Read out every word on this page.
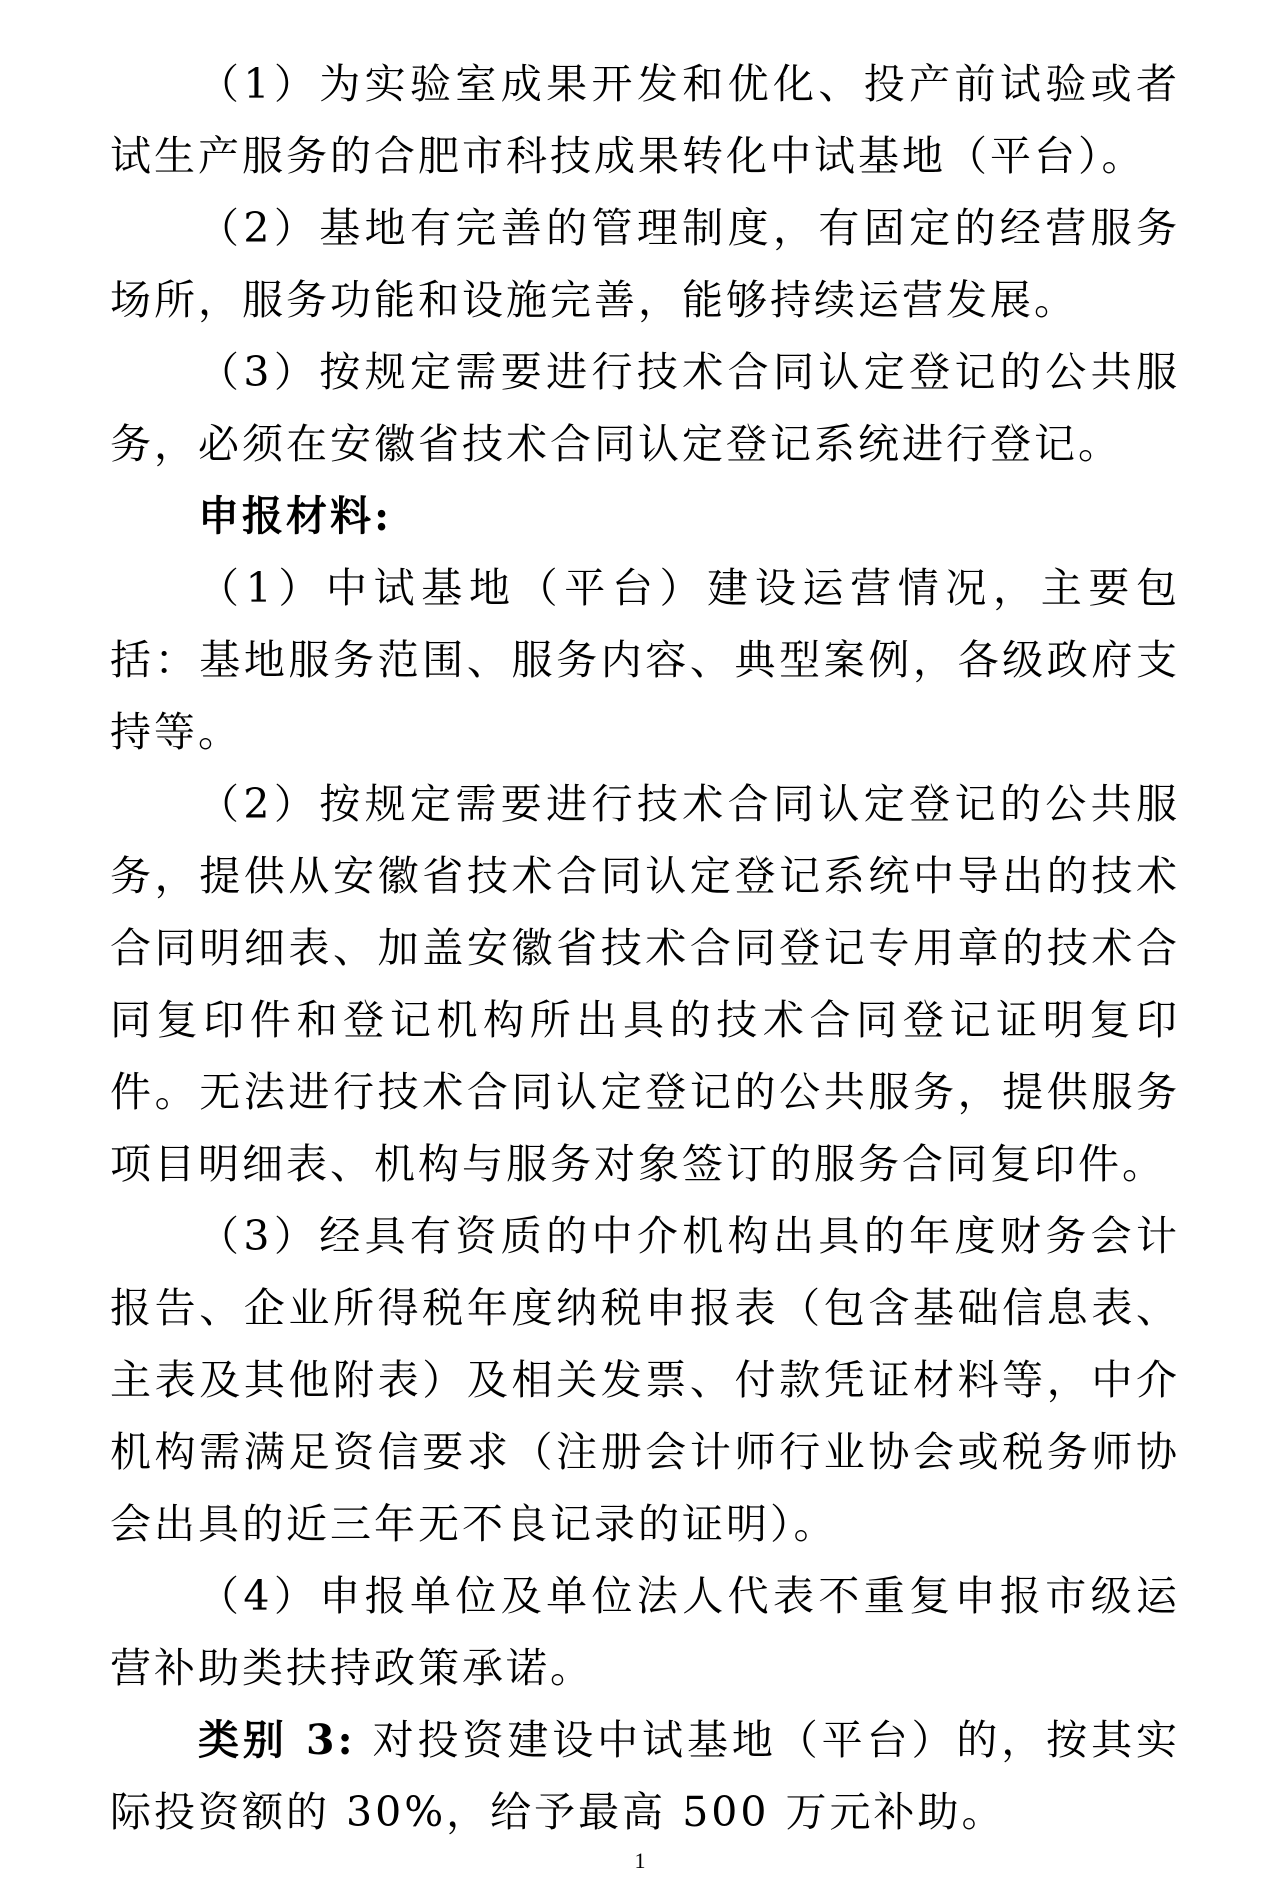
（1）为实验室成果开发和优化、投产前试验或者试生产服务的合肥市科技成果转化中试基地（平台）。

（2）基地有完善的管理制度，有固定的经营服务场所，服务功能和设施完善，能够持续运营发展。

（3）按规定需要进行技术合同认定登记的公共服务，必须在安徽省技术合同认定登记系统进行登记。

申报材料:

（1）中试基地（平台）建设运营情况，主要包括：基地服务范围、服务内容、典型案例，各级政府支持等。

（2）按规定需要进行技术合同认定登记的公共服务，提供从安徽省技术合同认定登记系统中导出的技术合同明细表、加盖安徽省技术合同登记专用章的技术合同复印件和登记机构所出具的技术合同登记证明复印件。无法进行技术合同认定登记的公共服务，提供服务项目明细表、机构与服务对象签订的服务合同复印件。

（3）经具有资质的中介机构出具的年度财务会计报告、企业所得税年度纳税申报表（包含基础信息表、主表及其他附表）及相关发票、付款凭证材料等，中介机构需满足资信要求（注册会计师行业协会或税务师协会出具的近三年无不良记录的证明）。

（4）申报单位及单位法人代表不重复申报市级运营补助类扶持政策承诺。

类别 3: 对投资建设中试基地（平台）的，按其实际投资额的 30%，给予最高 500 万元补助。

1
